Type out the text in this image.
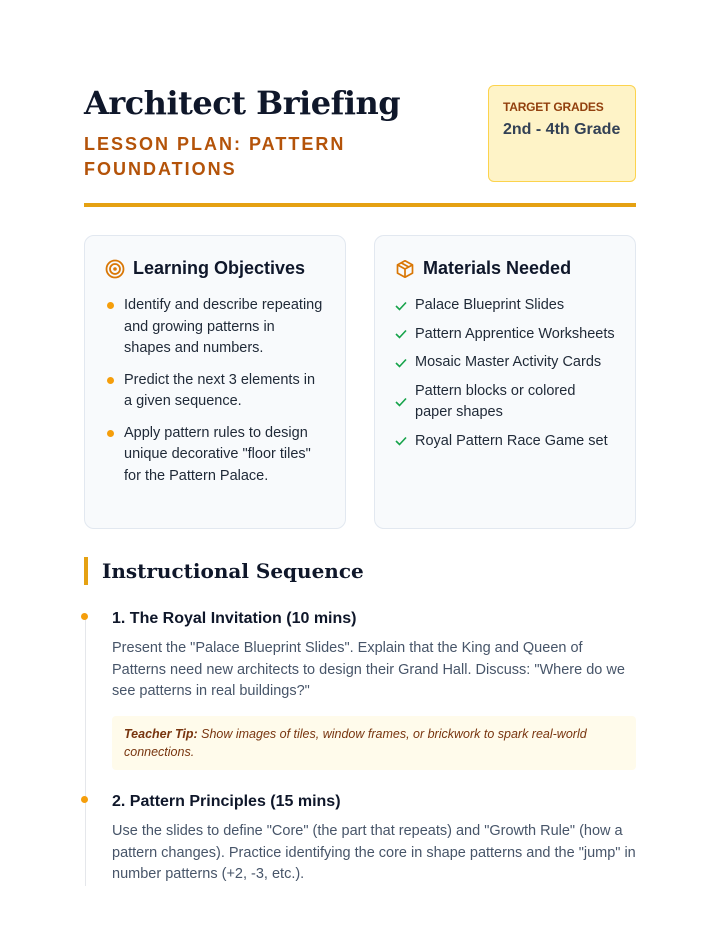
Architect Briefing
LESSON PLAN: PATTERN FOUNDATIONS
TARGET GRADES
2nd - 4th Grade
Learning Objectives
Identify and describe repeating and growing patterns in shapes and numbers.
Predict the next 3 elements in a given sequence.
Apply pattern rules to design unique decorative "floor tiles" for the Pattern Palace.
Materials Needed
Palace Blueprint Slides
Pattern Apprentice Worksheets
Mosaic Master Activity Cards
Pattern blocks or colored paper shapes
Royal Pattern Race Game set
Instructional Sequence
1. The Royal Invitation (10 mins)
Present the "Palace Blueprint Slides". Explain that the King and Queen of Patterns need new architects to design their Grand Hall. Discuss: "Where do we see patterns in real buildings?"
Teacher Tip: Show images of tiles, window frames, or brickwork to spark real-world connections.
2. Pattern Principles (15 mins)
Use the slides to define "Core" (the part that repeats) and "Growth Rule" (how a pattern changes). Practice identifying the core in shape patterns and the "jump" in number patterns (+2, -3, etc.).
